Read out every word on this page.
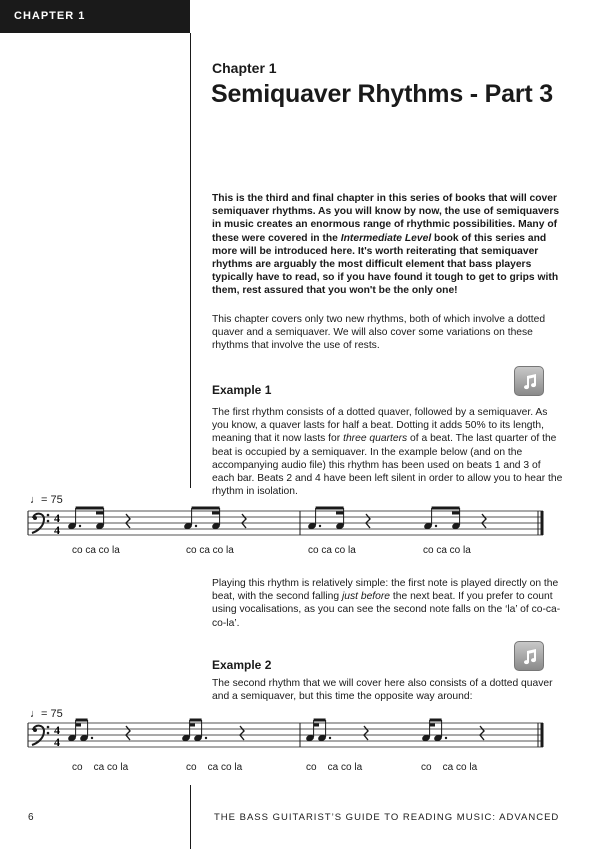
CHAPTER 1
Chapter 1
Semiquaver Rhythms - Part 3
This is the third and final chapter in this series of books that will cover semiquaver rhythms. As you will know by now, the use of semiquavers in music creates an enormous range of rhythmic possibilities. Many of these were covered in the Intermediate Level book of this series and more will be introduced here. It's worth reiterating that semiquaver rhythms are arguably the most difficult element that bass players typically have to read, so if you have found it tough to get to grips with them, rest assured that you won't be the only one!
This chapter covers only two new rhythms, both of which involve a dotted quaver and a semiquaver. We will also cover some variations on these rhythms that involve the use of rests.
Example 1
The first rhythm consists of a dotted quaver, followed by a semiquaver. As you know, a quaver lasts for half a beat. Dotting it adds 50% to its length, meaning that it now lasts for three quarters of a beat. The last quarter of the beat is occupied by a semiquaver. In the example below (and on the accompanying audio file) this rhythm has been used on beats 1 and 3 of each bar. Beats 2 and 4 have been left silent in order to allow you to hear the rhythm in isolation.
♩= 75
4
4
co ca co la	co ca co la	co ca co la	co ca co la
Playing this rhythm is relatively simple: the first note is played directly on the beat, with the second falling just before the next beat. If you prefer to count using vocalisations, as you can see the second note falls on the ‘la’ of co-ca-co-la’.
Example 2
The second rhythm that we will cover here also consists of a dotted quaver and a semiquaver, but this time the opposite way around:
♩= 75
4
4
co    ca co la	co    ca co la	co    ca co la	co    ca co la
6	THE BASS GUITARIST’S GUIDE TO READING MUSIC: ADVANCED
